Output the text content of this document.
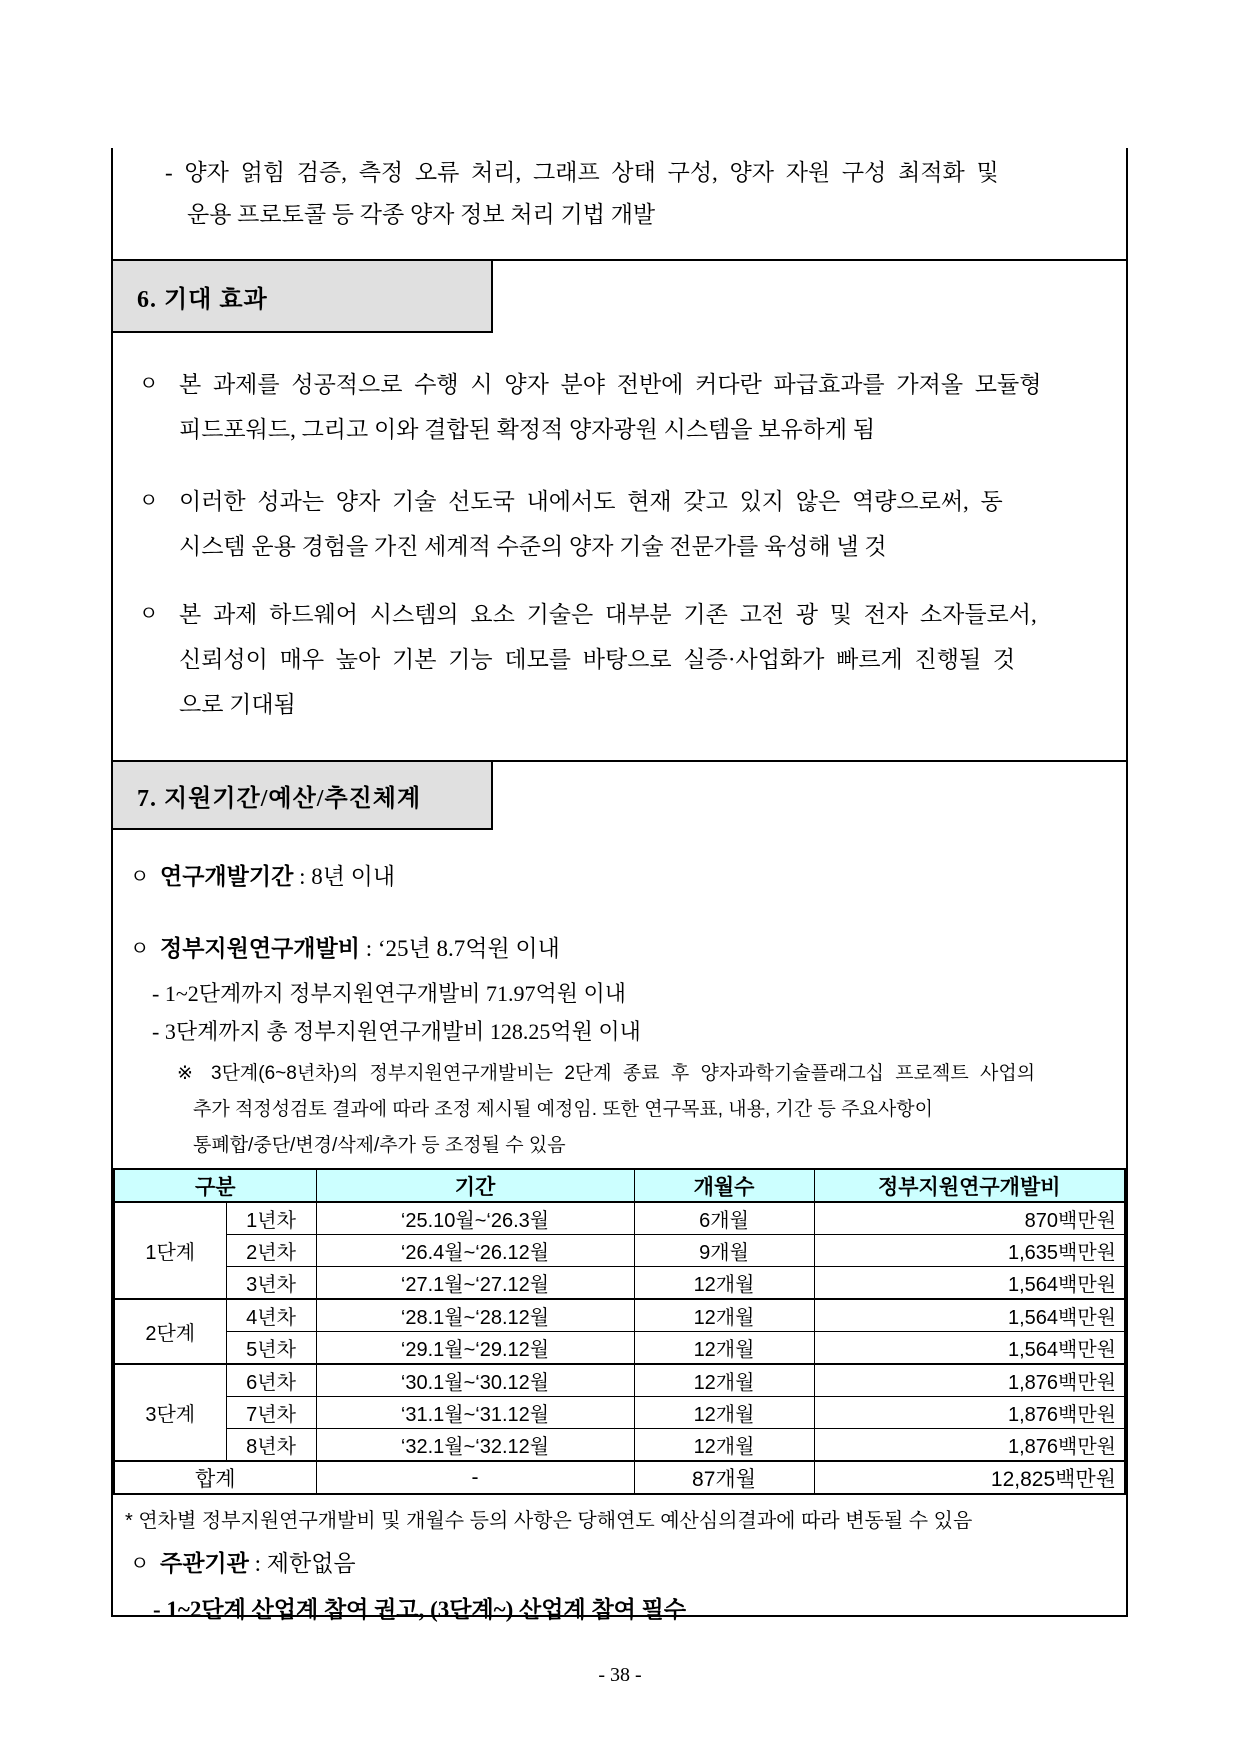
- 양자 얽힘 검증, 측정 오류 처리, 그래프 상태 구성, 양자 자원 구성 최적화 및
운용 프로토콜 등 각종 양자 정보 처리 기법 개발
6. 기대 효과
ㅇ 본 과제를 성공적으로 수행 시 양자 분야 전반에 커다란 파급효과를 가져올 모듈형
피드포워드, 그리고 이와 결합된 확정적 양자광원 시스템을 보유하게 됨
ㅇ 이러한 성과는 양자 기술 선도국 내에서도 현재 갖고 있지 않은 역량으로써, 동
시스템 운용 경험을 가진 세계적 수준의 양자 기술 전문가를 육성해 낼 것
ㅇ 본 과제 하드웨어 시스템의 요소 기술은 대부분 기존 고전 광 및 전자 소자들로서,
신뢰성이 매우 높아 기본 기능 데모를 바탕으로 실증·사업화가 빠르게 진행될 것
으로 기대됨
7. 지원기간/예산/추진체계
ㅇ 연구개발기간 : 8년 이내
ㅇ 정부지원연구개발비 : ‘25년 8.7억원 이내
- 1~2단계까지 정부지원연구개발비 71.97억원 이내
- 3단계까지 총 정부지원연구개발비 128.25억원 이내
※ 3단계(6~8년차)의 정부지원연구개발비는 2단계 종료 후 양자과학기술플래그십 프로젝트 사업의
추가 적정성검토 결과에 따라 조정 제시될 예정임. 또한 연구목표, 내용, 기간 등 주요사항이
통폐합/중단/변경/삭제/추가 등 조정될 수 있음
구분		기간	개월수	정부지원연구개발비
1단계	1년차	‘25.10월~‘26.3월	6개월	870백만원
	2년차	‘26.4월~‘26.12월	9개월	1,635백만원
	3년차	‘27.1월~‘27.12월	12개월	1,564백만원
2단계	4년차	‘28.1월~‘28.12월	12개월	1,564백만원
	5년차	‘29.1월~‘29.12월	12개월	1,564백만원
3단계	6년차	‘30.1월~‘30.12월	12개월	1,876백만원
	7년차	‘31.1월~‘31.12월	12개월	1,876백만원
	8년차	‘32.1월~‘32.12월	12개월	1,876백만원
합계		-	87개월	12,825백만원
* 연차별 정부지원연구개발비 및 개월수 등의 사항은 당해연도 예산심의결과에 따라 변동될 수 있음
ㅇ 주관기관 : 제한없음
- 1~2단계 산업계 참여 권고, (3단계~) 산업계 참여 필수
- 38 -
